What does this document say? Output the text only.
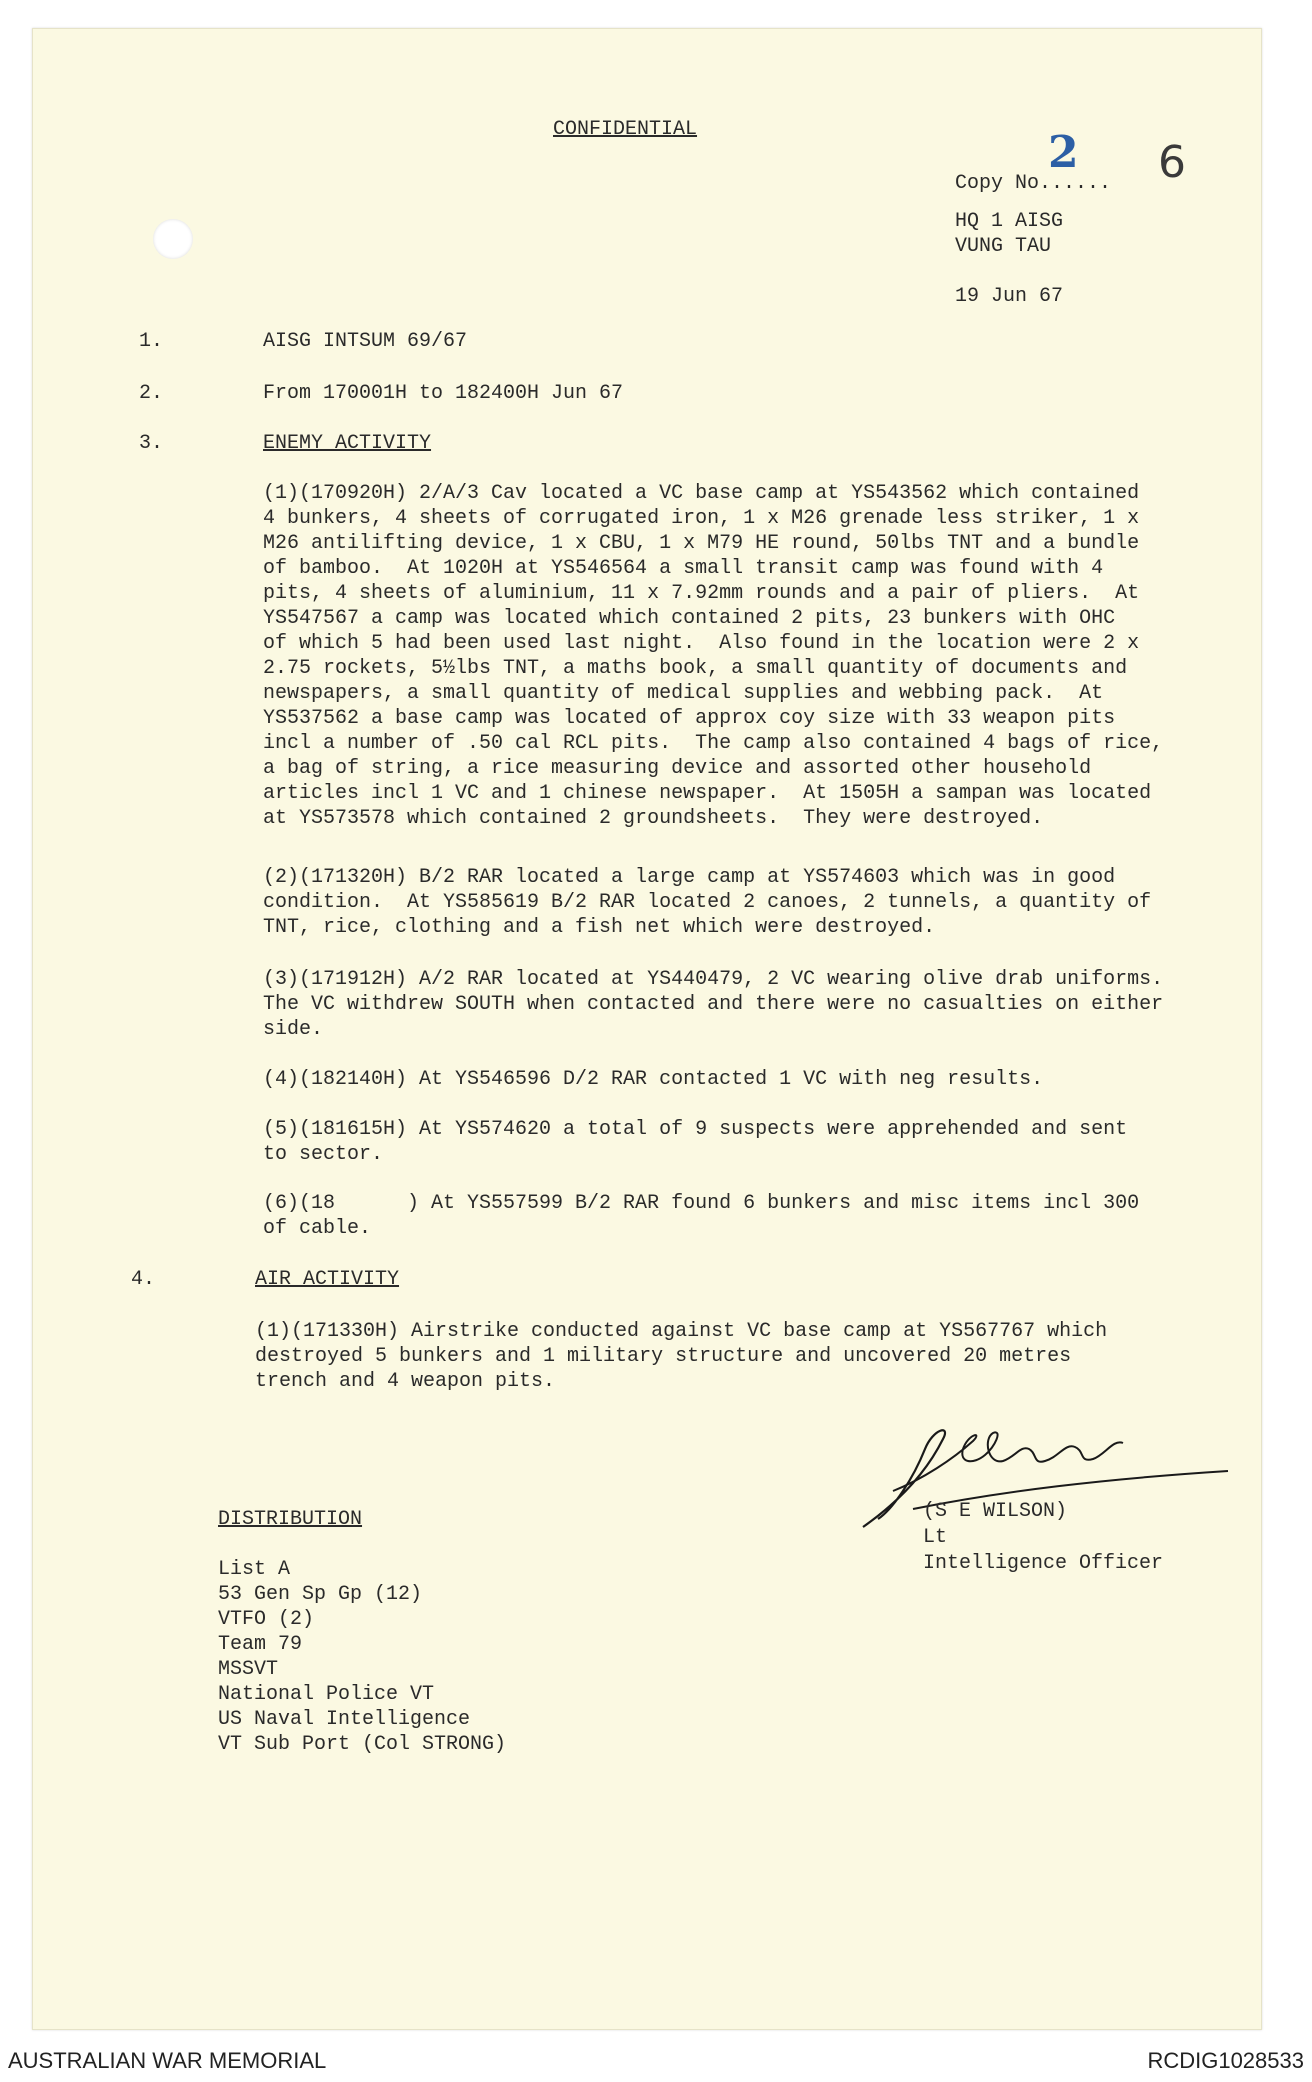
CONFIDENTIAL	2 6
Copy No......
HQ 1 AISG
VUNG TAU
19 Jun 67
1.	AISG INTSUM 69/67
2.	From 170001H to 182400H Jun 67
3.	ENEMY ACTIVITY
(1)(170920H) 2/A/3 Cav located a VC base camp at YS543562 which contained
4 bunkers, 4 sheets of corrugated iron, 1 x M26 grenade less striker, 1 x
M26 antilifting device, 1 x CBU, 1 x M79 HE round, 50lbs TNT and a bundle
of bamboo.  At 1020H at YS546564 a small transit camp was found with 4
pits, 4 sheets of aluminium, 11 x 7.92mm rounds and a pair of pliers.  At
YS547567 a camp was located which contained 2 pits, 23 bunkers with OHC
of which 5 had been used last night.  Also found in the location were 2 x
2.75 rockets, 5½lbs TNT, a maths book, a small quantity of documents and
newspapers, a small quantity of medical supplies and webbing pack.  At
YS537562 a base camp was located of approx coy size with 33 weapon pits
incl a number of .50 cal RCL pits.  The camp also contained 4 bags of rice,
a bag of string, a rice measuring device and assorted other household
articles incl 1 VC and 1 chinese newspaper.  At 1505H a sampan was located
at YS573578 which contained 2 groundsheets.  They were destroyed.
(2)(171320H) B/2 RAR located a large camp at YS574603 which was in good
condition.  At YS585619 B/2 RAR located 2 canoes, 2 tunnels, a quantity of
TNT, rice, clothing and a fish net which were destroyed.
(3)(171912H) A/2 RAR located at YS440479, 2 VC wearing olive drab uniforms.
The VC withdrew SOUTH when contacted and there were no casualties on either
side.
(4)(182140H) At YS546596 D/2 RAR contacted 1 VC with neg results.
(5)(181615H) At YS574620 a total of 9 suspects were apprehended and sent
to sector.
(6)(18      ) At YS557599 B/2 RAR found 6 bunkers and misc items incl 300
of cable.
4.	AIR ACTIVITY
(1)(171330H) Airstrike conducted against VC base camp at YS567767 which
destroyed 5 bunkers and 1 military structure and uncovered 20 metres
trench and 4 weapon pits.
(S E WILSON)
Lt
Intelligence Officer
DISTRIBUTION
List A
53 Gen Sp Gp (12)
VTFO (2)
Team 79
MSSVT
National Police VT
US Naval Intelligence
VT Sub Port (Col STRONG)
AUSTRALIAN WAR MEMORIAL	RCDIG1028533
